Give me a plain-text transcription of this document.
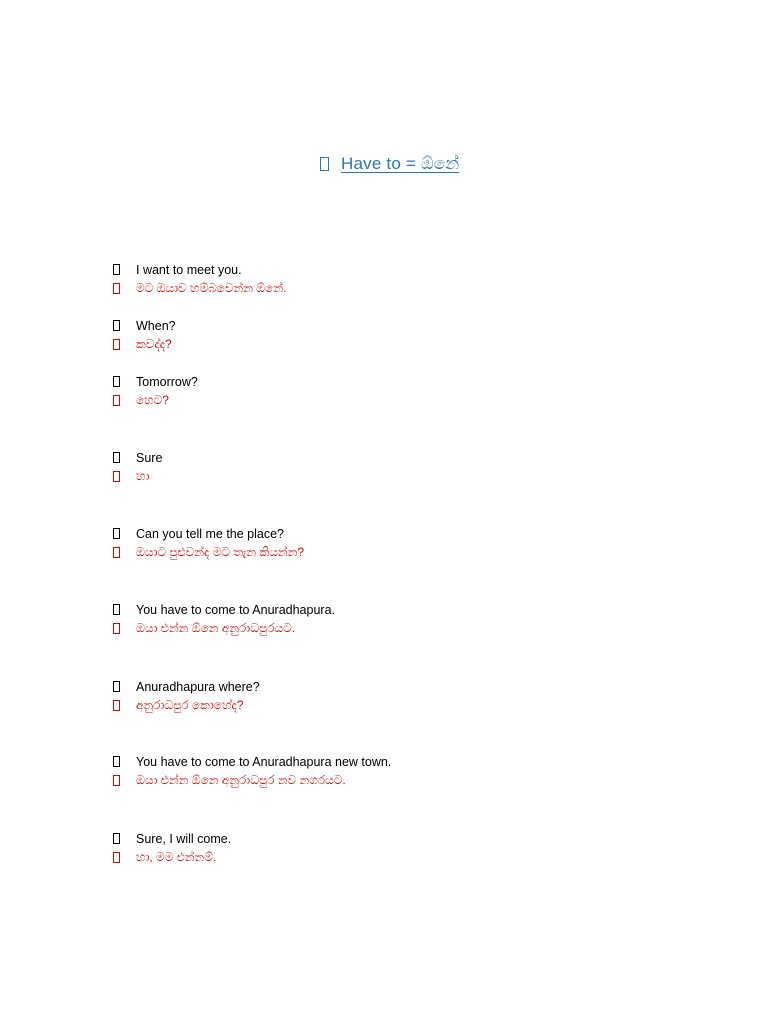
Have to = ඕනේ
I want to meet you.
මට ඔයාව හම්බවෙන්න ඕනේ.
When?
කවද්ද?
Tomorrow?
හෙට?
Sure
හා
Can you tell me the place?
ඔයාට පුළුවන්ද මට තැන කියන්න?
You have to come to Anuradhapura.
ඔයා එන්න ඕනෙ අනුරාධපුරයට.
Anuradhapura where?
අනුරාධපුර කොහේද?
You have to come to Anuradhapura new town.
ඔයා එන්න ඕනෙ අනුරාධපුර නව නගරයට.
Sure, I will come.
හා, මම එන්නම්.
